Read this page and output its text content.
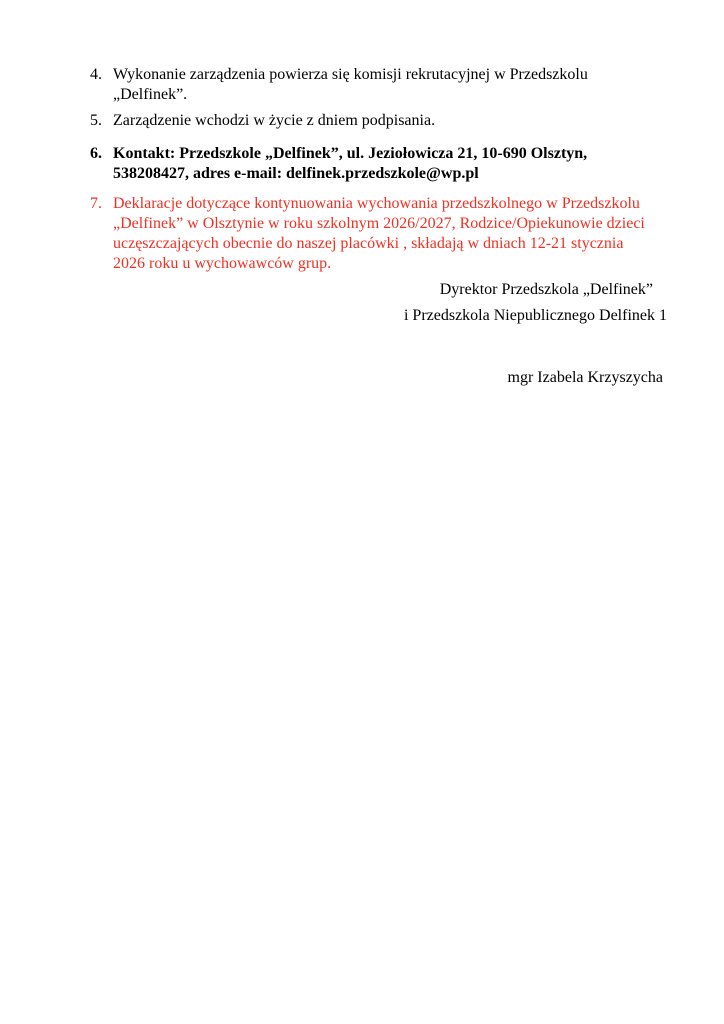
4. Wykonanie zarządzenia powierza się komisji rekrutacyjnej w Przedszkolu „Delfinek”.
5. Zarządzenie wchodzi w życie z dniem podpisania.
6. Kontakt: Przedszkole „Delfinek”, ul. Jeziołowicza 21, 10-690 Olsztyn, 538208427, adres e-mail: delfinek.przedszkole@wp.pl
7. Deklaracje dotyczące kontynuowania wychowania przedszkolnego w Przedszkolu „Delfinek” w Olsztynie w roku szkolnym 2026/2027, Rodzice/Opiekunowie dzieci uczęszczających obecnie do naszej placówki , składają w dniach 12-21 stycznia 2026 roku u wychowawców grup.
Dyrektor Przedszkola „Delfinek”
i Przedszkola Niepublicznego Delfinek 1
mgr Izabela Krzyszycha
